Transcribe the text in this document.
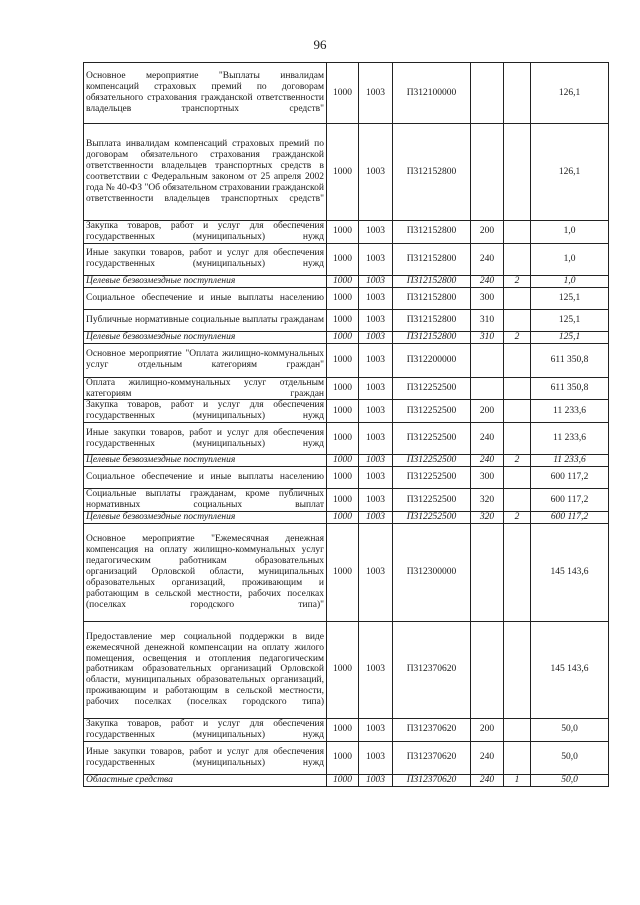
96
Основное мероприятие "Выплаты инвалидам компенсаций страховых премий по договорам обязательного страхования гражданской ответственности владельцев транспортных средств"	1000	1003	П312100000			126,1
Выплата инвалидам компенсаций страховых премий по договорам обязательного страхования гражданской ответственности владельцев транспортных средств в соответствии с Федеральным законом от 25 апреля 2002 года № 40-ФЗ "Об обязательном страховании гражданской ответственности владельцев транспортных средств"	1000	1003	П312152800			126,1
Закупка товаров, работ и услуг для обеспечения государственных (муниципальных) нужд	1000	1003	П312152800	200		1,0
Иные закупки товаров, работ и услуг для обеспечения государственных (муниципальных) нужд	1000	1003	П312152800	240		1,0
Целевые безвозмездные поступления	1000	1003	П312152800	240	2	1,0
Социальное обеспечение и иные выплаты населению	1000	1003	П312152800	300		125,1
Публичные нормативные социальные выплаты гражданам	1000	1003	П312152800	310		125,1
Целевые безвозмездные поступления	1000	1003	П312152800	310	2	125,1
Основное мероприятие "Оплата жилищно-коммунальных услуг отдельным категориям граждан"	1000	1003	П312200000			611 350,8
Оплата жилищно-коммунальных услуг отдельным категориям граждан	1000	1003	П312252500			611 350,8
Закупка товаров, работ и услуг для обеспечения государственных (муниципальных) нужд	1000	1003	П312252500	200		11 233,6
Иные закупки товаров, работ и услуг для обеспечения государственных (муниципальных) нужд	1000	1003	П312252500	240		11 233,6
Целевые безвозмездные поступления	1000	1003	П312252500	240	2	11 233,6
Социальное обеспечение и иные выплаты населению	1000	1003	П312252500	300		600 117,2
Социальные выплаты гражданам, кроме публичных нормативных социальных выплат	1000	1003	П312252500	320		600 117,2
Целевые безвозмездные поступления	1000	1003	П312252500	320	2	600 117,2
Основное мероприятие "Ежемесячная денежная компенсация на оплату жилищно-коммунальных услуг педагогическим работникам образовательных организаций Орловской области, муниципальных образовательных организаций, проживающим и работающим в сельской местности, рабочих поселках (поселках городского типа)"	1000	1003	П312300000			145 143,6
Предоставление мер социальной поддержки в виде ежемесячной денежной компенсации на оплату жилого помещения, освещения и отопления педагогическим работникам образовательных организаций Орловской области, муниципальных образовательных организаций, проживающим и работающим в сельской местности, рабочих поселках (поселках городского типа)	1000	1003	П312370620			145 143,6
Закупка товаров, работ и услуг для обеспечения государственных (муниципальных) нужд	1000	1003	П312370620	200		50,0
Иные закупки товаров, работ и услуг для обеспечения государственных (муниципальных) нужд	1000	1003	П312370620	240		50,0
Областные средства	1000	1003	П312370620	240	1	50,0
